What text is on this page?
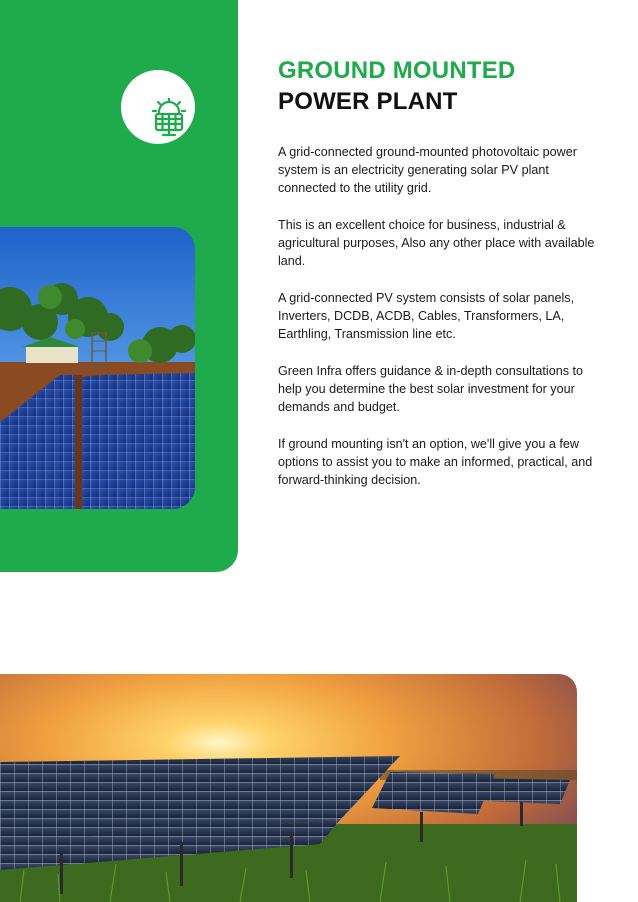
GROUND MOUNTED
POWER PLANT

A grid-connected ground-mounted photovoltaic power system is an electricity generating solar PV plant connected to the utility grid.

This is an excellent choice for business, industrial & agricultural purposes, Also any other place with available land.

A grid-connected PV system consists of solar panels, Inverters, DCDB, ACDB, Cables, Transformers, LA, Earthling, Transmission line etc.

Green Infra offers guidance & in-depth consultations to help you determine the best solar investment for your demands and budget.

If ground mounting isn't an option, we'll give you a few options to assist you to make an informed, practical, and forward-thinking decision.
